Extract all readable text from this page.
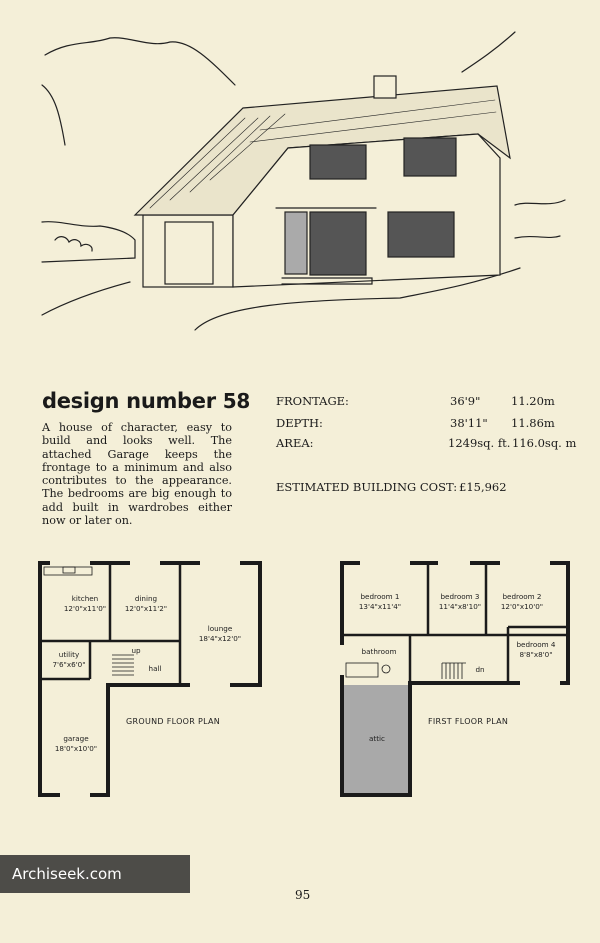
design number 58
A house of character, easy to build and looks well. The attached Garage keeps the frontage to a minimum and also contributes to the appearance. The bedrooms are big enough to add built in wardrobes either now or later on.
FRONTAGE:	36'9"	11.20m
DEPTH:	38'11" 11.86m
AREA:	1249sq. ft. 116.0sq. m
ESTIMATED BUILDING COST: £15,962
kitchen
12'0"x11'0"
dining
12'0"x11'2"
lounge
18'4"x12'0"
utility
7'6"x6'0"	hall
up
garage
18'0"x10'0"
GROUND FLOOR PLAN
bedroom 1
13'4"x11'4"
bedroom 3
11'4"x8'10"
bedroom 2
12'0"x10'0"
bedroom 4
8'8"x8'0"
bathroom
attic
dn
FIRST FLOOR PLAN
Archiseek.com
95
